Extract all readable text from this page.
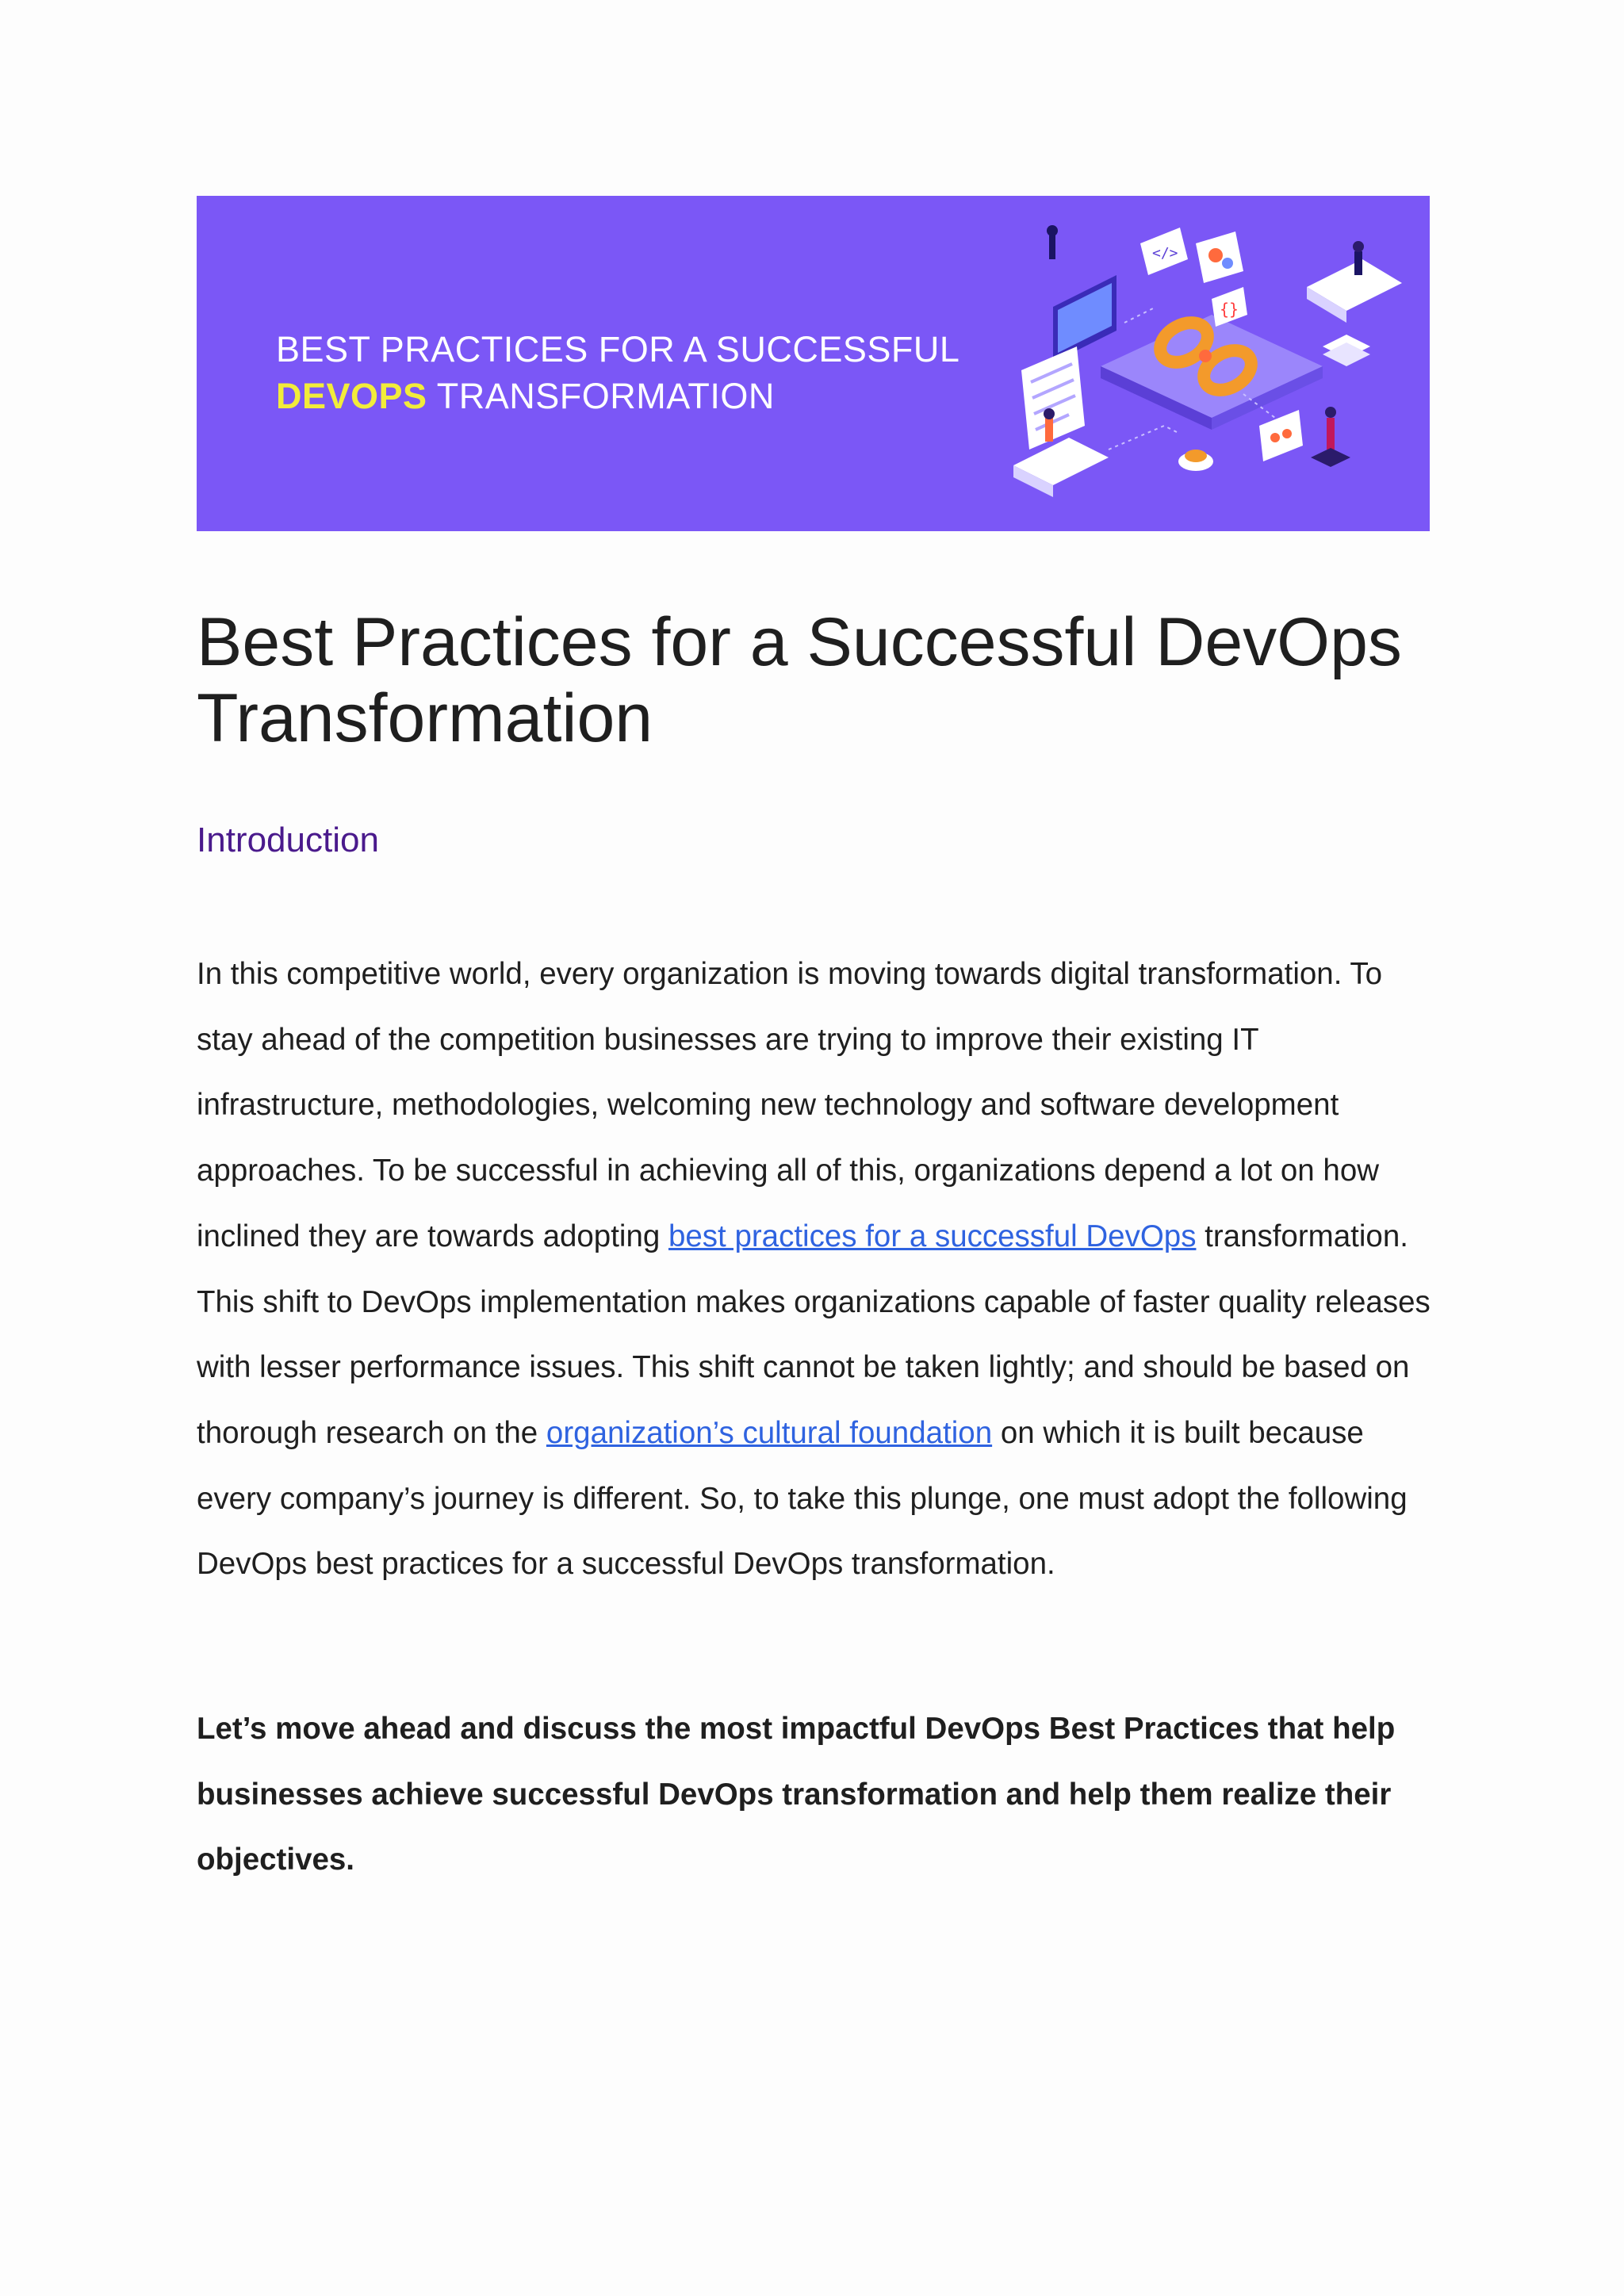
BEST PRACTICES FOR A SUCCESSFUL
DEVOPS TRANSFORMATION
</>
{}
Best Practices for a Successful DevOps Transformation
Introduction

In this competitive world, every organization is moving towards digital transformation. To stay ahead of the competition businesses are trying to improve their existing IT infrastructure, methodologies, welcoming new technology and software development approaches. To be successful in achieving all of this, organizations depend a lot on how inclined they are towards adopting best practices for a successful DevOps transformation. This shift to DevOps implementation makes organizations capable of faster quality releases with lesser performance issues. This shift cannot be taken lightly; and should be based on thorough research on the organization’s cultural foundation on which it is built because every company’s journey is different. So, to take this plunge, one must adopt the following DevOps best practices for a successful DevOps transformation.

Let’s move ahead and discuss the most impactful DevOps Best Practices that help businesses achieve successful DevOps transformation and help them realize their objectives.
